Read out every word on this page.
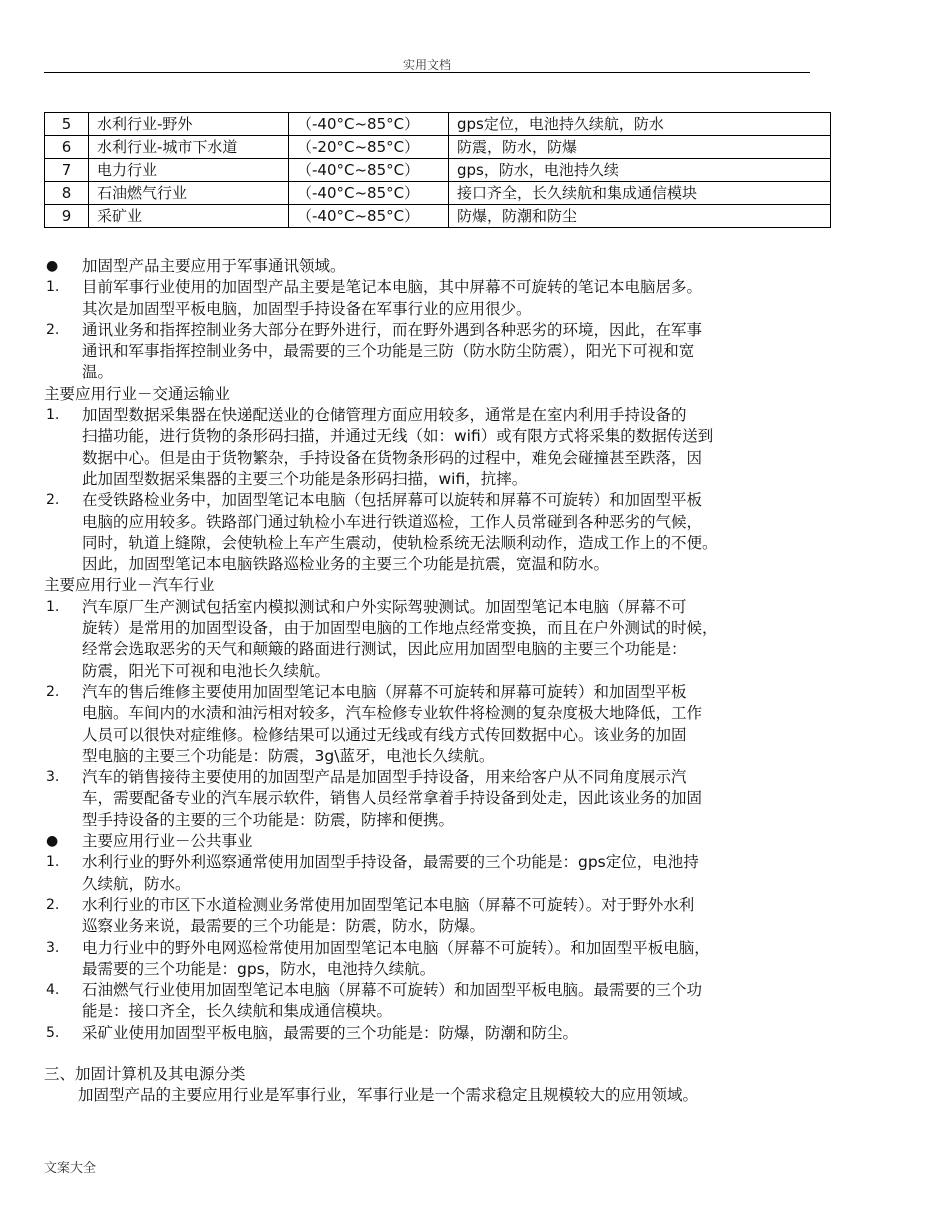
实用文档
5	水利行业-野外	（-40°C~85°C）	gps定位，电池持久续航，防水
6	水利行业-城市下水道	（-20°C~85°C）	防震，防水，防爆
7	电力行业	（-40°C~85°C）	gps，防水，电池持久续
8	石油燃气行业	（-40°C~85°C）	接口齐全，长久续航和集成通信模块
9	采矿业	（-40°C~85°C）	防爆，防潮和防尘
● 加固型产品主要应用于军事通讯领域。
1. 目前军事行业使用的加固型产品主要是笔记本电脑，其中屏幕不可旋转的笔记本电脑居多。
其次是加固型平板电脑，加固型手持设备在军事行业的应用很少。
2. 通讯业务和指挥控制业务大部分在野外进行，而在野外遇到各种恶劣的环境，因此，在军事
通讯和军事指挥控制业务中，最需要的三个功能是三防（防水防尘防震），阳光下可视和宽
温。
主要应用行业－交通运输业
1. 加固型数据采集器在快递配送业的仓储管理方面应用较多，通常是在室内利用手持设备的
扫描功能，进行货物的条形码扫描，并通过无线（如：wifi）或有限方式将采集的数据传送到
数据中心。但是由于货物繁杂，手持设备在货物条形码的过程中，难免会碰撞甚至跌落，因
此加固型数据采集器的主要三个功能是条形码扫描，wifi，抗摔。
2. 在受铁路检业务中，加固型笔记本电脑（包括屏幕可以旋转和屏幕不可旋转）和加固型平板
电脑的应用较多。铁路部门通过轨检小车进行铁道巡检，工作人员常碰到各种恶劣的气候，
同时，轨道上缝隙，会使轨检上车产生震动，使轨检系统无法顺利动作，造成工作上的不便。
因此，加固型笔记本电脑铁路巡检业务的主要三个功能是抗震，宽温和防水。
主要应用行业－汽车行业
1. 汽车原厂生产测试包括室内模拟测试和户外实际驾驶测试。加固型笔记本电脑（屏幕不可
旋转）是常用的加固型设备，由于加固型电脑的工作地点经常变换，而且在户外测试的时候，
经常会选取恶劣的天气和颠簸的路面进行测试，因此应用加固型电脑的主要三个功能是：
防震，阳光下可视和电池长久续航。
2. 汽车的售后维修主要使用加固型笔记本电脑（屏幕不可旋转和屏幕可旋转）和加固型平板
电脑。车间内的水渍和油污相对较多，汽车检修专业软件将检测的复杂度极大地降低，工作
人员可以很快对症维修。检修结果可以通过无线或有线方式传回数据中心。该业务的加固
型电脑的主要三个功能是：防震，3g\蓝牙，电池长久续航。
3. 汽车的销售接待主要使用的加固型产品是加固型手持设备，用来给客户从不同角度展示汽
车，需要配备专业的汽车展示软件，销售人员经常拿着手持设备到处走，因此该业务的加固
型手持设备的主要的三个功能是：防震，防摔和便携。
● 主要应用行业－公共事业
1. 水利行业的野外利巡察通常使用加固型手持设备，最需要的三个功能是：gps定位，电池持
久续航，防水。
2. 水利行业的市区下水道检测业务常使用加固型笔记本电脑（屏幕不可旋转）。对于野外水利
巡察业务来说，最需要的三个功能是：防震，防水，防爆。
3. 电力行业中的野外电网巡检常使用加固型笔记本电脑（屏幕不可旋转）。和加固型平板电脑，
最需要的三个功能是：gps，防水，电池持久续航。
4. 石油燃气行业使用加固型笔记本电脑（屏幕不可旋转）和加固型平板电脑。最需要的三个功
能是：接口齐全，长久续航和集成通信模块。
5. 采矿业使用加固型平板电脑，最需要的三个功能是：防爆，防潮和防尘。
三、加固计算机及其电源分类
加固型产品的主要应用行业是军事行业，军事行业是一个需求稳定且规模较大的应用领域。
文案大全
